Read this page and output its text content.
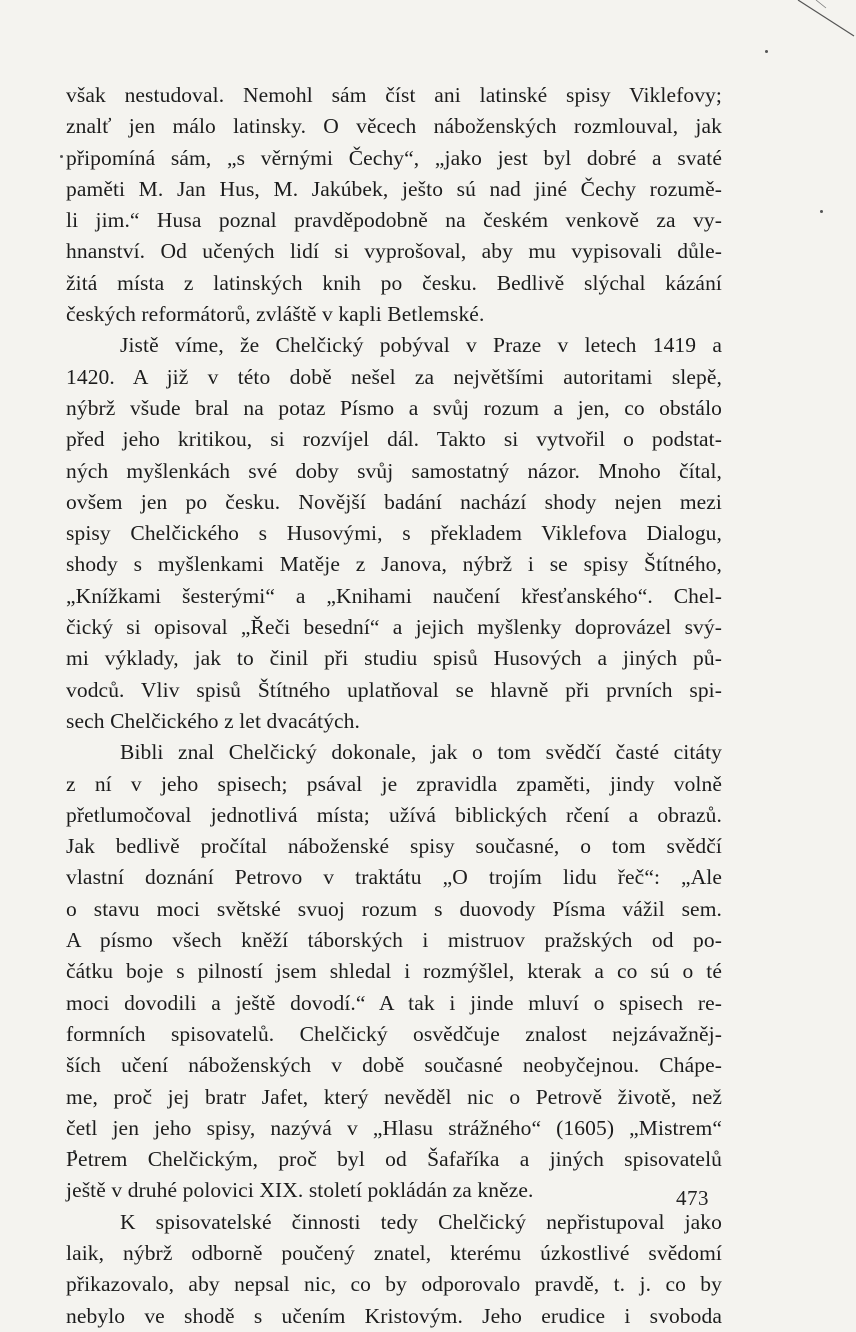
však nestudoval. Nemohl sám číst ani latinské spisy Viklefovy;
znalť jen málo latinsky. O věcech náboženských rozmlouval, jak
připomíná sám, „s věrnými Čechy“, „jako jest byl dobré a svaté
paměti M. Jan Hus, M. Jakúbek, ješto sú nad jiné Čechy rozumě-
li jim.“ Husa poznal pravděpodobně na českém venkově za vy-
hnanství. Od učených lidí si vyprošoval, aby mu vypisovali důle-
žitá místa z latinských knih po česku. Bedlivě slýchal kázání
českých reformátorů, zvláště v kapli Betlemské.
Jistě víme, že Chelčický pobýval v Praze v letech 1419 a
1420. A již v této době nešel za největšími autoritami slepě,
nýbrž všude bral na potaz Písmo a svůj rozum a jen, co obstálo
před jeho kritikou, si rozvíjel dál. Takto si vytvořil o podstat-
ných myšlenkách své doby svůj samostatný názor. Mnoho čítal,
ovšem jen po česku. Novější badání nachází shody nejen mezi
spisy Chelčického s Husovými, s překladem Viklefova Dialogu,
shody s myšlenkami Matěje z Janova, nýbrž i se spisy Štítného,
„Knížkami šesterými“ a „Knihami naučení křesťanského“. Chel-
čický si opisoval „Řeči besední“ a jejich myšlenky doprovázel svý-
mi výklady, jak to činil při studiu spisů Husových a jiných pů-
vodců. Vliv spisů Štítného uplatňoval se hlavně při prvních spi-
sech Chelčického z let dvacátých.
Bibli znal Chelčický dokonale, jak o tom svědčí časté citáty
z ní v jeho spisech; psával je zpravidla zpaměti, jindy volně
přetlumočoval jednotlivá místa; užívá biblických rčení a obrazů.
Jak bedlivě pročítal náboženské spisy současné, o tom svědčí
vlastní doznání Petrovo v traktátu „O trojím lidu řeč“: „Ale
o stavu moci světské svuoj rozum s duovody Písma vážil sem.
A písmo všech kněží táborských i mistruov pražských od po-
čátku boje s pilností jsem shledal i rozmýšlel, kterak a co sú o té
moci dovodili a ještě dovodí.“ A tak i jinde mluví o spisech re-
formních spisovatelů. Chelčický osvědčuje znalost nejzávažněj-
ších učení náboženských v době současné neobyčejnou. Chápe-
me, proč jej bratr Jafet, který nevěděl nic o Petrově životě, než
četl jen jeho spisy, nazývá v „Hlasu strážného“ (1605) „Mistrem“
Petrem Chelčickým, proč byl od Šafaříka a jiných spisovatelů
ještě v druhé polovici XIX. století pokládán za kněze.
K spisovatelské činnosti tedy Chelčický nepřistupoval jako
laik, nýbrž odborně poučený znatel, kterému úzkostlivé svědomí
přikazovalo, aby nepsal nic, co by odporovalo pravdě, t. j. co by
nebylo ve shodě s učením Kristovým. Jeho erudice i svoboda
473
